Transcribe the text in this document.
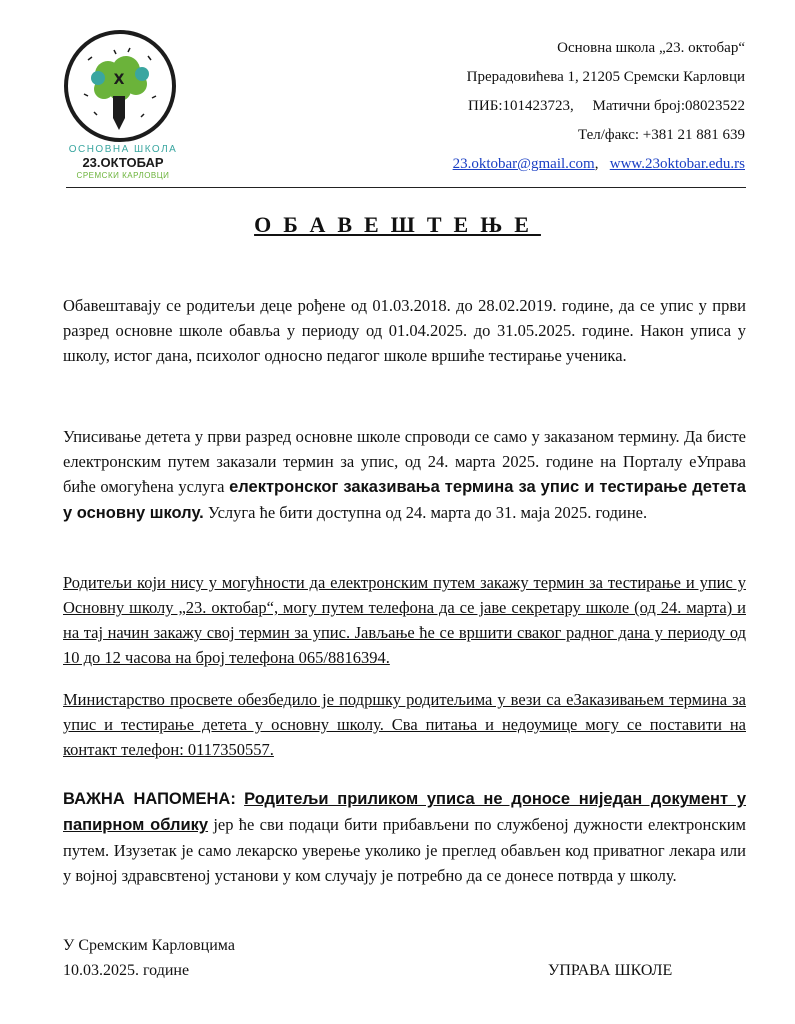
Х
ОСНОВНА ШКОЛА
23.ОКТОБАР
СРЕМСКИ КАРЛОВЦИ
Основна школа „23. октобар“
Прерадовићева 1, 21205 Сремски Карловци
ПИБ:101423723,     Матични број:08023522
Тел/факс: +381 21 881 639
23.oktobar@gmail.com,   www.23oktobar.edu.rs
ОБАВЕШТЕЊЕ

Обавештавају се родитељи деце рођене од 01.03.2018. до 28.02.2019. године, да се упис у први разред основне школе обавља у периоду од 01.04.2025. до 31.05.2025. године. Након уписа у школу, истог дана, психолог односно педагог школе вршиће тестирање ученика.

Уписивање детета у први разред основне школе спроводи се само у заказаном термину. Да бисте електронским путем заказали термин за упис, од 24. марта 2025. године на Порталу еУправа биће омогућена услуга електронског заказивања термина за упис и тестирање детета у основну школу. Услуга ће бити доступна од 24. марта до 31. маја 2025. године.

Родитељи који нису у могућности да електронским путем закажу термин за тестирање и упис у Основну школу „23. октобар“, могу путем телефона да се јаве секретару школе (од 24. марта) и на тај начин закажу свој термин за упис. Јављање ће се вршити сваког радног дана у периоду од 10 до 12 часова на број телефона 065/8816394.

Министарство просвете обезбедило је подршку родитељима у вези са еЗаказивањем термина за упис и тестирање детета у основну школу. Сва питања и недоумице могу се поставити на контакт телефон: 0117350557.

ВАЖНА НАПОМЕНА: Родитељи приликом уписа не доносе ниједан документ у папирном облику јер ће сви подаци бити прибављени по службеној дужности електронским путем. Изузетак је само лекарско уверење уколико је преглед обављен код приватног лекара или у војној здравсвтеној установи у ком случају је потребно да се донесе потврда у школу.

У Сремским Карловцима
10.03.2025. године	УПРАВА ШКОЛЕ
